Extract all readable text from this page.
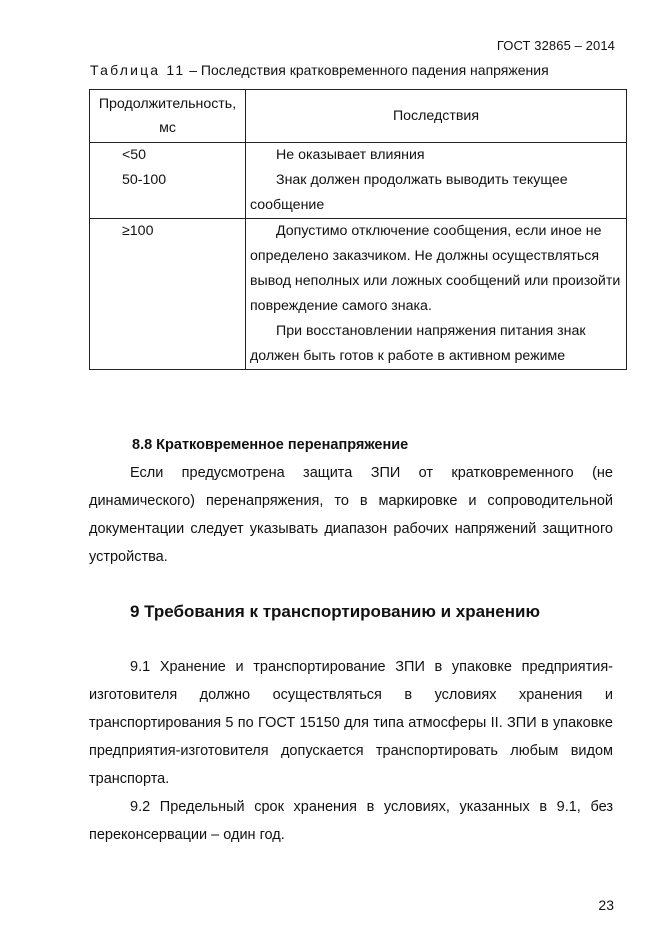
ГОСТ 32865 – 2014
Таблица 11 – Последствия кратковременного падения напряжения
Продолжительность, мс	Последствия
<50	Не оказывает влияния

50-100	Знак должен продолжать выводить текущее сообщение

≥100	Допустимо отключение сообщения, если иное не определено заказчиком. Не должны осуществляться вывод неполных или ложных сообщений или произойти повреждение самого знака.

При восстановлении напряжения питания знак должен быть готов к работе в активном режиме

8.8 Кратковременное перенапряжение

Если предусмотрена защита ЗПИ от кратковременного (не динамического) перенапряжения, то в маркировке и сопроводительной документации следует указывать диапазон рабочих напряжений защитного устройства.

9 Требования к транспортированию и хранению

9.1 Хранение и транспортирование ЗПИ в упаковке предприятия-изготовителя должно осуществляться в условиях хранения и транспортирования 5 по ГОСТ 15150 для типа атмосферы II. ЗПИ в упаковке предприятия-изготовителя допускается транспортировать любым видом транспорта.

9.2 Предельный срок хранения в условиях, указанных в 9.1, без переконсервации – один год.

23
